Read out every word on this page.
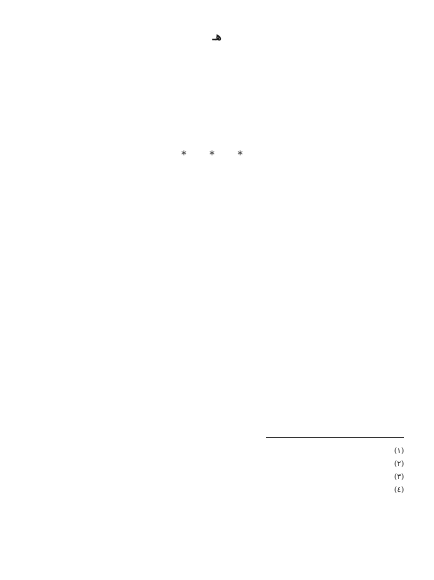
هـ

* * *

(١)
(٢)
(٣)
(٤)
